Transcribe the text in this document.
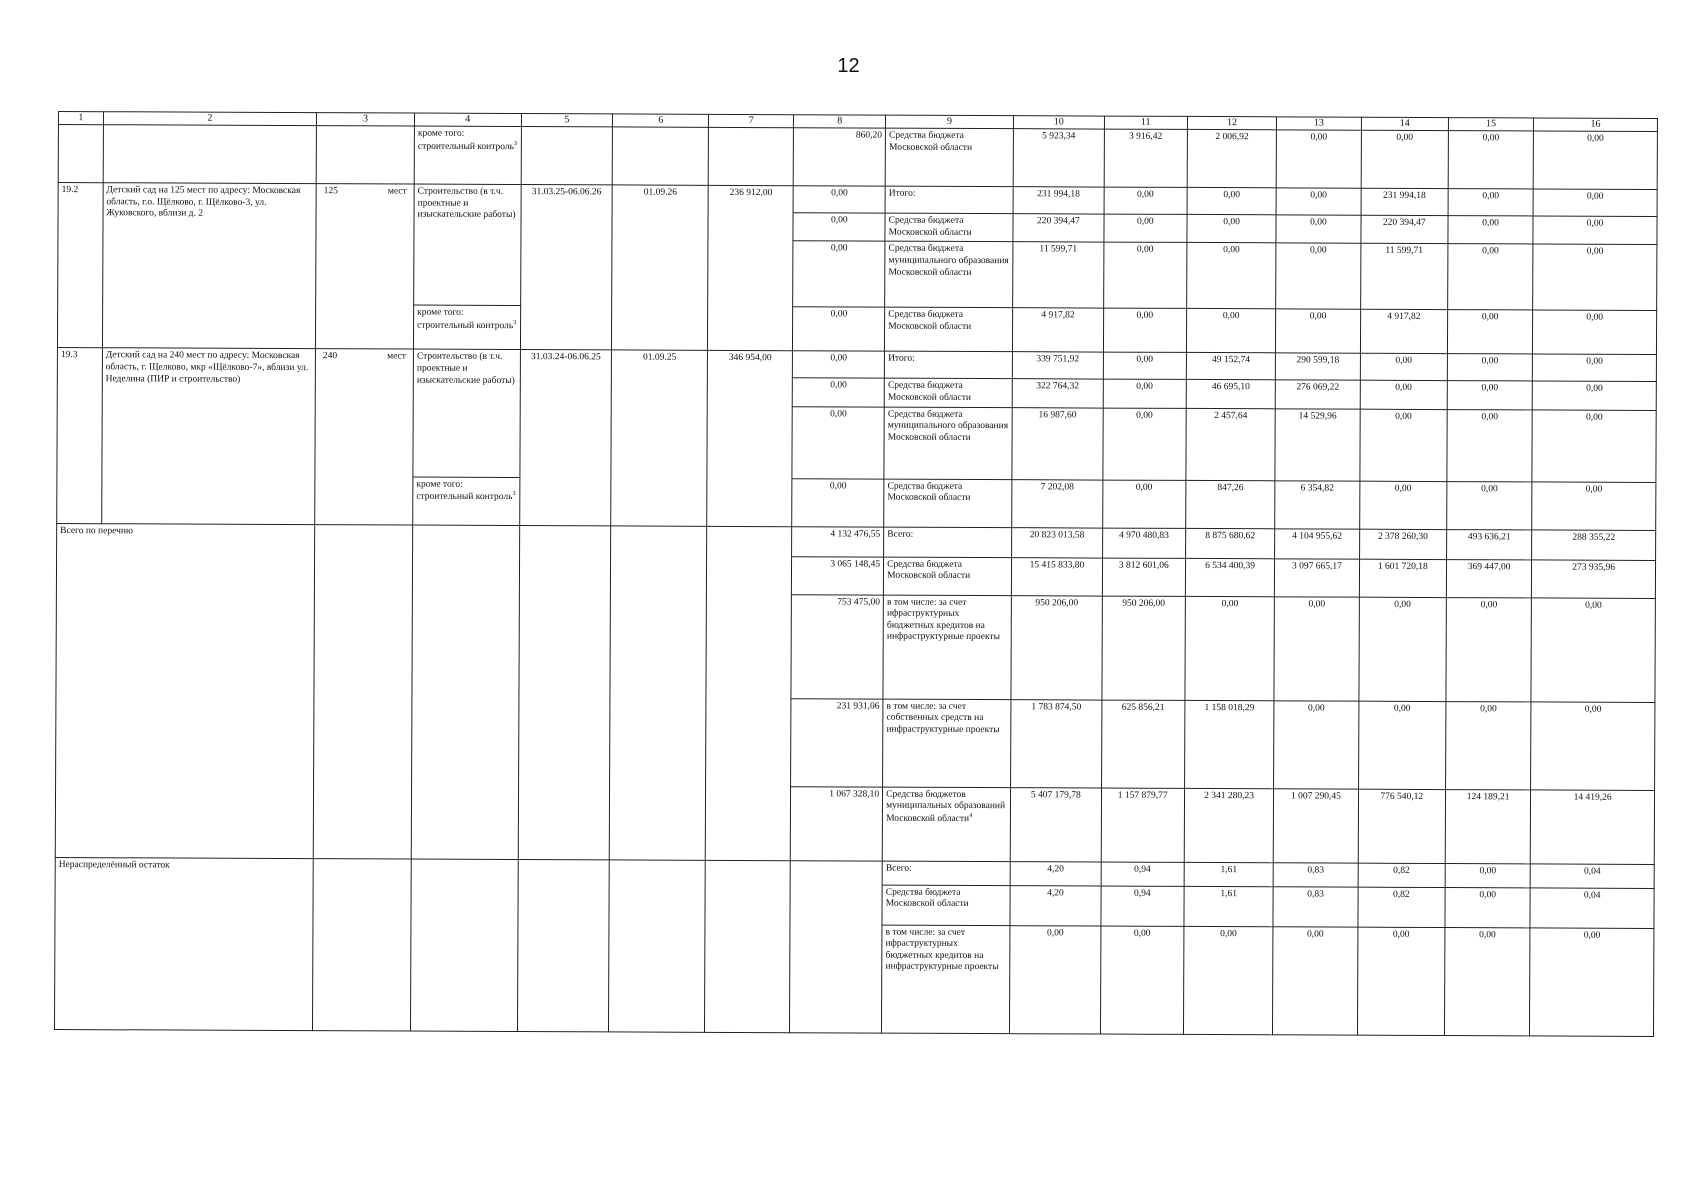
12
1	2	3	4	5	6	7	8	9	10	11	12	13	14	15	16
			кроме того: строительный контроль$^3$				860,20	Средства бюджета Московской области	5 923,34	3 916,42	2 006,92	0,00	0,00	0,00	0,00
19.2	Детский сад на 125 мест по адресу: Московская область, г.о. Щёлково, г. Щёлково-3, ул. Жуковского, вблизи д. 2	125 мест	Строительство (в т.ч. проектные и изыскательские работы)	31.03.25-06.06.26	01.09.26	236 912,00	0,00	Итого:	231 994,18	0,00	0,00	0,00	231 994,18	0,00	0,00
							0,00	Средства бюджета Московской области	220 394,47	0,00	0,00	0,00	220 394,47	0,00	0,00
							0,00	Средства бюджета муниципального образования Московской области	11 599,71	0,00	0,00	0,00	11 599,71	0,00	0,00
			кроме того: строительный контроль$^3$				0,00	Средства бюджета Московской области	4 917,82	0,00	0,00	0,00	4 917,82	0,00	0,00
19.3	Детский сад на 240 мест по адресу: Московская область, г. Щелково, мкр «Щёлково-7», вблизи ул. Неделина (ПИР и строительство)	240 мест	Строительство (в т.ч. проектные и изыскательские работы)	31.03.24-06.06.25	01.09.25	346 954,00	0,00	Итого:	339 751,92	0,00	49 152,74	290 599,18	0,00	0,00	0,00
							0,00	Средства бюджета Московской области	322 764,32	0,00	46 695,10	276 069,22	0,00	0,00	0,00
							0,00	Средства бюджета муниципального образования Московской области	16 987,60	0,00	2 457,64	14 529,96	0,00	0,00	0,00
			кроме того: строительный контроль$^3$				0,00	Средства бюджета Московской области	7 202,08	0,00	847,26	6 354,82	0,00	0,00	0,00
Всего по перечню							4 132 476,55	Всего:	20 823 013,58	4 970 480,83	8 875 680,62	4 104 955,62	2 378 260,30	493 636,21	288 355,22
							3 065 148,45	Средства бюджета Московской области	15 415 833,80	3 812 601,06	6 534 400,39	3 097 665,17	1 601 720,18	369 447,00	273 935,96
							753 475,00	в том числе: за счет ифраструктурных бюджетных кредитов на инфраструктурные проекты	950 206,00	950 206,00	0,00	0,00	0,00	0,00	0,00
							231 931,06	в том числе: за счет собственных средств на инфраструктурные проекты	1 783 874,50	625 856,21	1 158 018,29	0,00	0,00	0,00	0,00
							1 067 328,10	Средства бюджетов муниципальных образований Московской области$^4$	5 407 179,78	1 157 879,77	2 341 280,23	1 007 290,45	776 540,12	124 189,21	14 419,26
Нераспределённый остаток								Всего:	4,20	0,94	1,61	0,83	0,82	0,00	0,04
								Средства бюджета Московской области	4,20	0,94	1,61	0,83	0,82	0,00	0,04
								в том числе: за счет ифраструктурных бюджетных кредитов на инфраструктурные проекты	0,00	0,00	0,00	0,00	0,00	0,00	0,00
